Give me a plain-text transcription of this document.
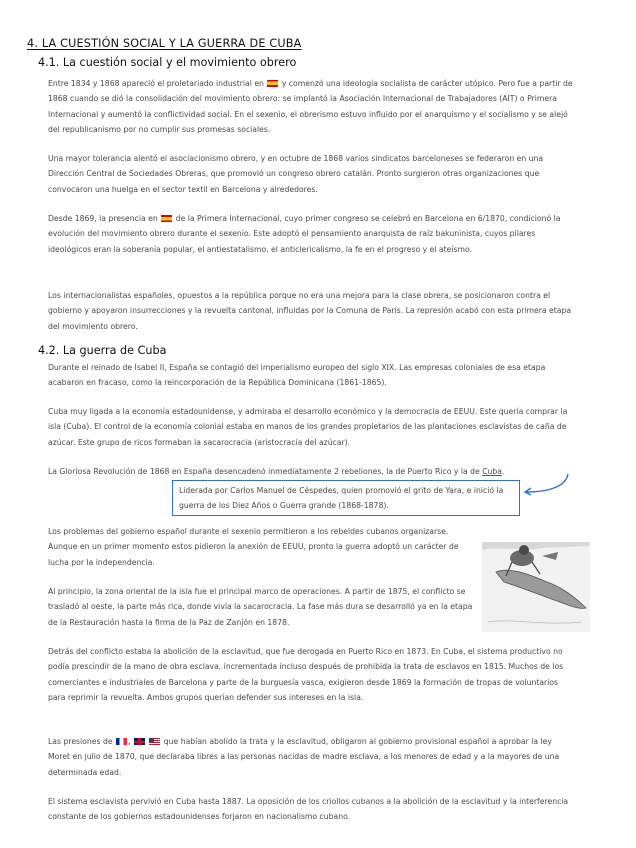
4. LA CUESTIÓN SOCIAL Y LA GUERRA DE CUBA
4.1. La cuestión social y el movimiento obrero

Entre 1834 y 1868 apareció el proletariado industrial en  y comenzó una ideología socialista de carácter utópico. Pero fue a partir de 1868 cuando se dió la consolidación del movimiento obrero: se implantó la Asociación Internacional de Trabajadores (AIT) o Primera Internacional y aumentó la conflictividad social. En el sexenio, el obrerismo estuvo influido por el anarquismo y el socialismo y se alejó del republicanismo por no cumplir sus promesas sociales.

Una mayor tolerancia alentó el asociacionismo obrero, y en octubre de 1868 varios sindicatos barceloneses se federaron en una Dirección Central de Sociedades Obreras, que promovió un congreso obrero catalán. Pronto surgieron otras organizaciones que convocaron una huelga en el sector textil en Barcelona y alrededores.

Desde 1869, la presencia en  de la Primera Internacional, cuyo primer congreso se celebró en Barcelona en 6/1870, condicionó la evolución del movimiento obrero durante el sexenio. Este adoptó el pensamiento anarquista de raíz bakuninista, cuyos pilares ideológicos eran la soberanía popular, el antiestatalismo, el anticlericalismo, la fe en el progreso y el ateísmo.

Los internacionalistas españoles, opuestos a la república porque no era una mejora para la clase obrera, se posicionaron contra el gobierno y apoyaron insurrecciones y la revuelta cantonal, influidas por la Comuna de París. La represión acabó con esta primera etapa del movimiento obrero.

4.2. La guerra de Cuba

Durante el reinado de Isabel II, España se contagió del imperialismo europeo del siglo XIX. Las empresas coloniales de esa etapa acabaron en fracaso, como la reincorporación de la República Dominicana (1861-1865).

Cuba muy ligada a la economía estadounidense, y admiraba el desarrollo económico y la democracia de EEUU. Este quería comprar la isla (Cuba). El control de la economía colonial estaba en manos de los grandes propietarios de las plantaciones esclavistas de caña de azúcar. Este grupo de ricos formaban la sacarocracia (aristocracia del azúcar).

La Gloriosa Revolución de 1868 en España desencadenó inmediatamente 2 rebeliones, la de Puerto Rico y la de Cuba.

Liderada por Carlos Manuel de Céspedes, quien promovió el grito de Yara, e inició la guerra de los Diez Años o Guerra grande (1868-1878).

Los problemas del gobierno español durante el sexenio permitieron a los rebeldes cubanos organizarse. Aunque en un primer momento estos pidieron la anexión de EEUU, pronto la guerra adoptó un carácter de lucha por la independencia.

Al principio, la zona oriental de la isla fue el principal marco de operaciones. A partir de 1875, el conflicto se trasladó al oeste, la parte más rica, donde vivía la sacarocracia. La fase más dura se desarrolló ya en la etapa de la Restauración hasta la firma de la Paz de Zanjón en 1878.

Detrás del conflicto estaba la abolición de la esclavitud, que fue derogada en Puerto Rico en 1873. En Cuba, el sistema productivo no podía prescindir de la mano de obra esclava, incrementada incluso después de prohibida la trata de esclavos en 1815. Muchos de los comerciantes e industriales de Barcelona y parte de la burguesía vasca, exigieron desde 1869 la formación de tropas de voluntarios para reprimir la revuelta. Ambos grupos querían defender sus intereses en la isla.

Las presiones de ,	que habían abolido la trata y la esclavitud, obligaron al gobierno provisional español a aprobar la ley Moret en julio de 1870, que declaraba libres a las personas nacidas de madre esclava, a los menores de edad y a la mayores de una determinada edad.

El sistema esclavista pervivió en Cuba hasta 1887. La oposición de los criollos cubanos a la abolición de la esclavitud y la interferencia constante de los gobiernos estadounidenses forjaron en nacionalismo cubano.
